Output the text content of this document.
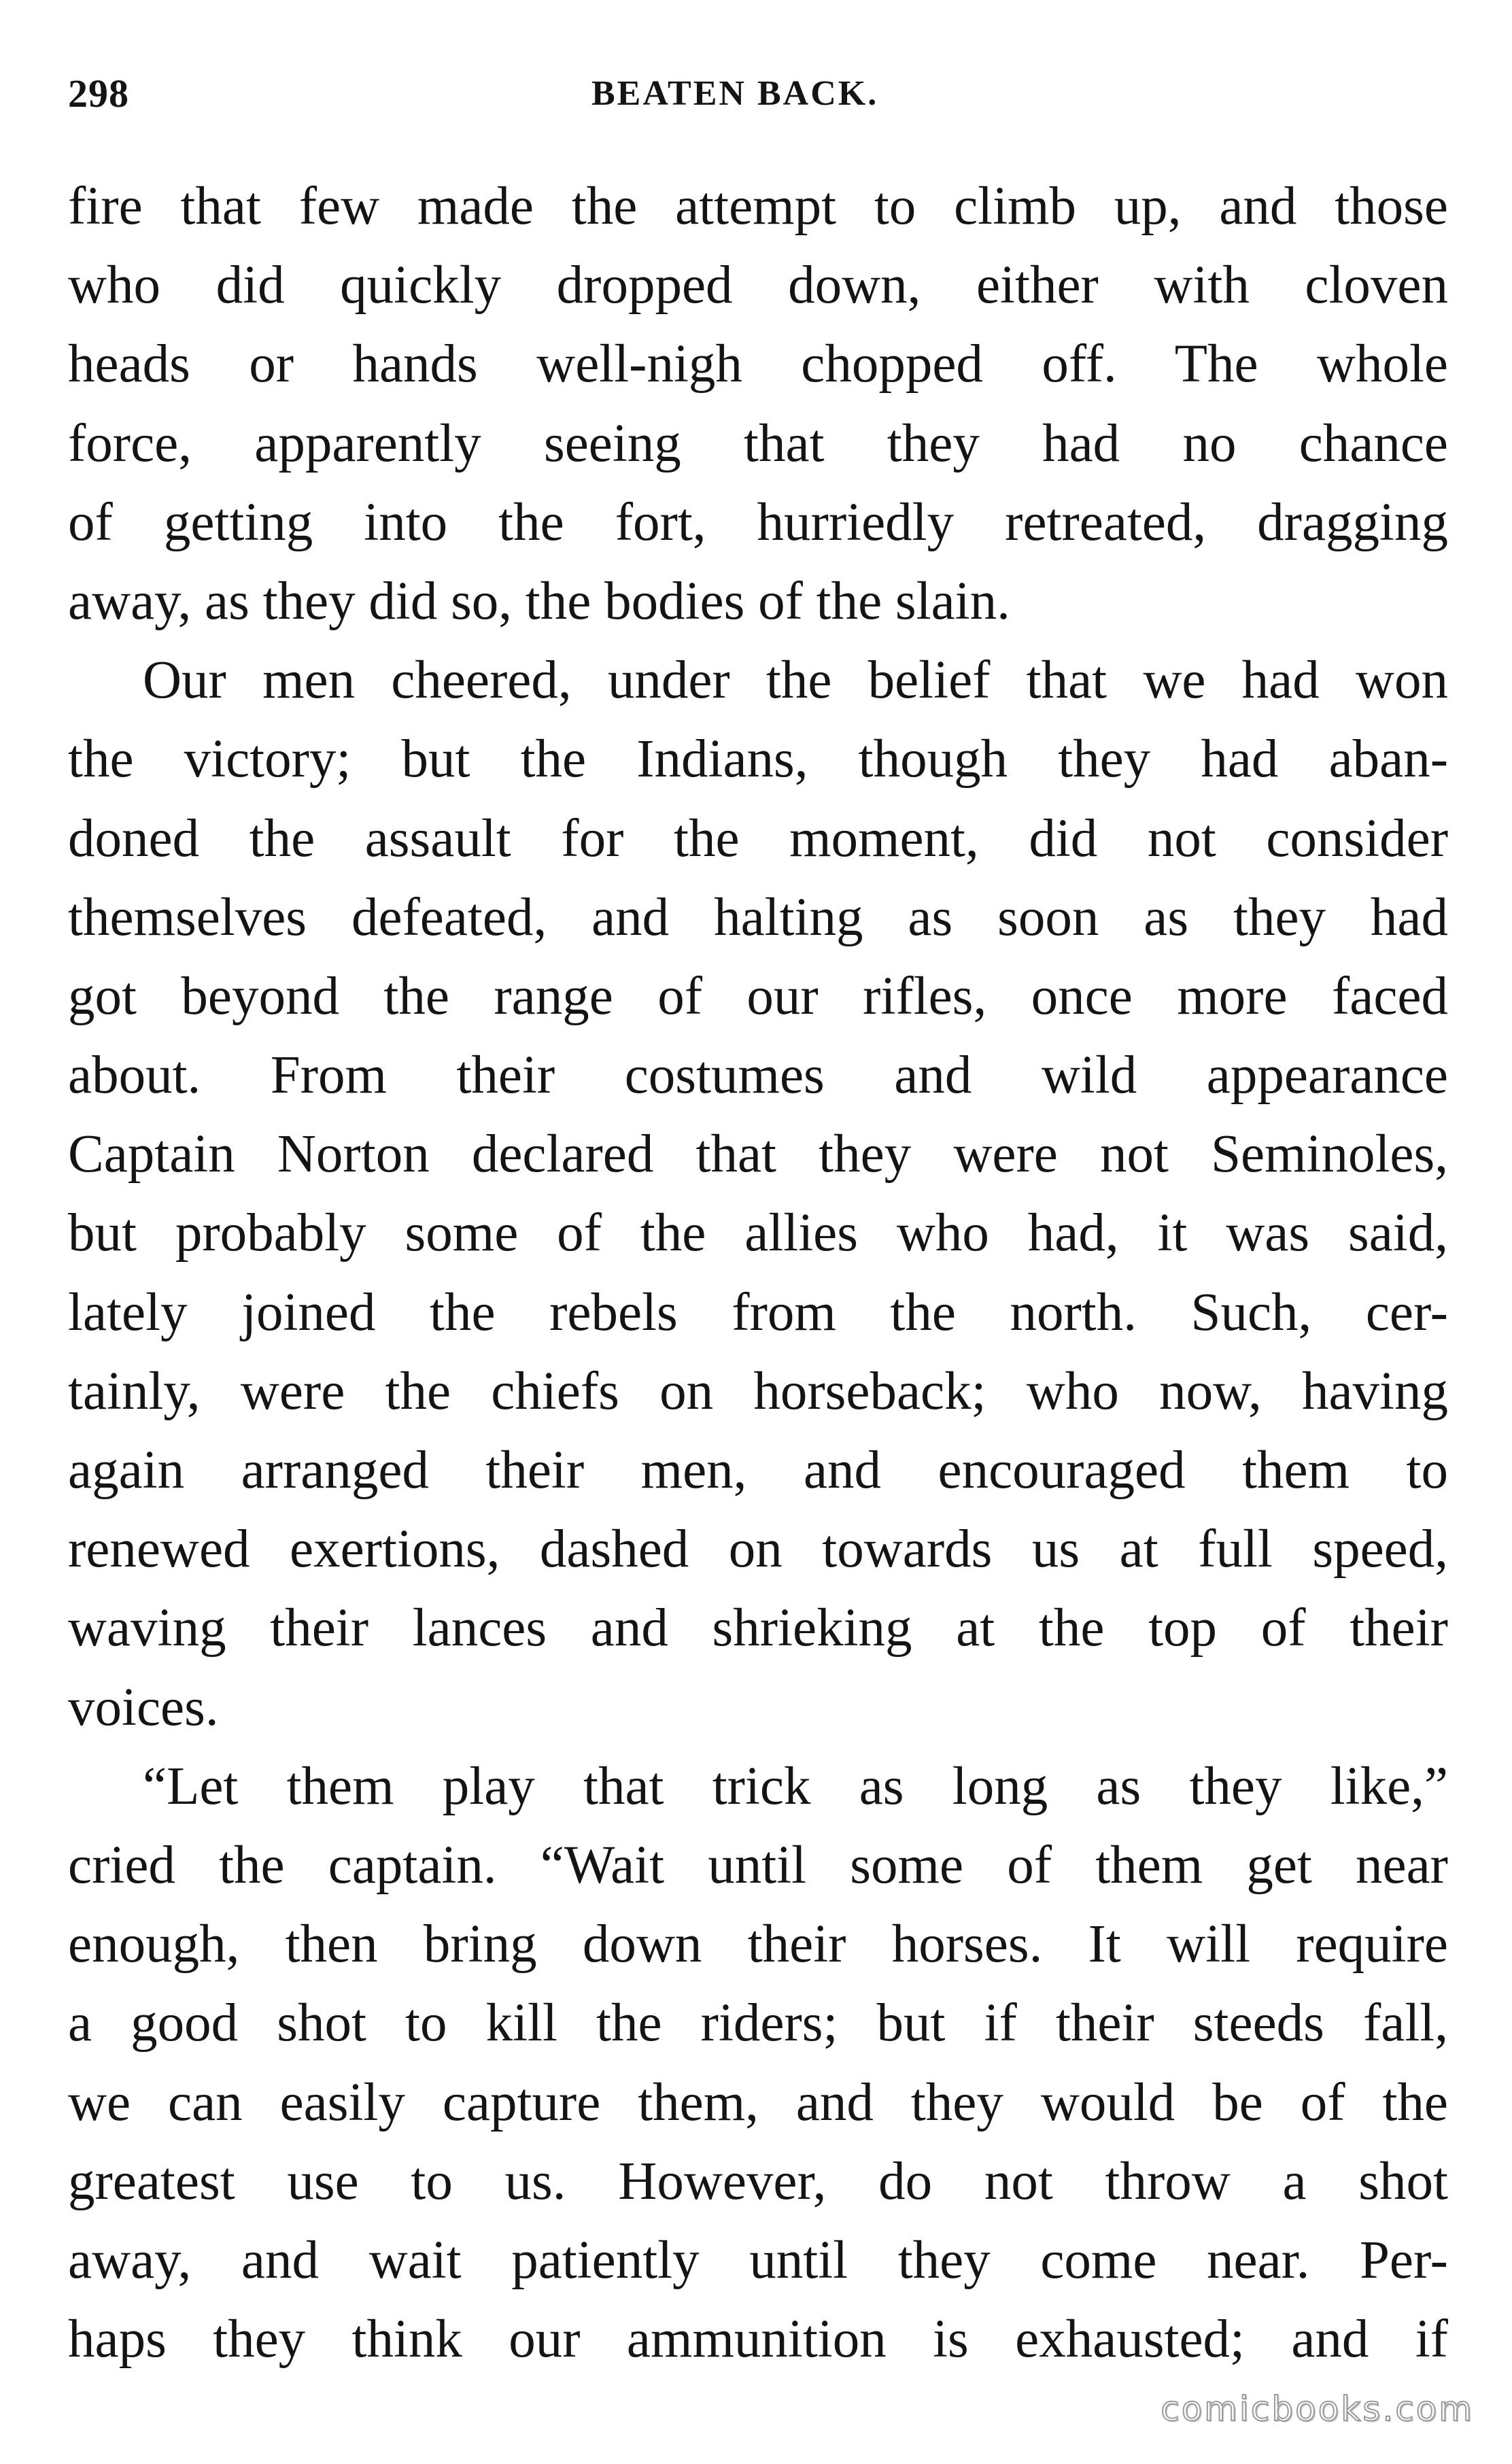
298	BEATEN BACK.
fire that few made the attempt to climb up, and those
who did quickly dropped down, either with cloven
heads or hands well-nigh chopped off. The whole
force, apparently seeing that they had no chance
of getting into the fort, hurriedly retreated, dragging
away, as they did so, the bodies of the slain.
Our men cheered, under the belief that we had won
the victory; but the Indians, though they had aban-
doned the assault for the moment, did not consider
themselves defeated, and halting as soon as they had
got beyond the range of our rifles, once more faced
about. From their costumes and wild appearance
Captain Norton declared that they were not Seminoles,
but probably some of the allies who had, it was said,
lately joined the rebels from the north. Such, cer-
tainly, were the chiefs on horseback; who now, having
again arranged their men, and encouraged them to
renewed exertions, dashed on towards us at full speed,
waving their lances and shrieking at the top of their
voices.
“Let them play that trick as long as they like,”
cried the captain. “Wait until some of them get near
enough, then bring down their horses. It will require
a good shot to kill the riders; but if their steeds fall,
we can easily capture them, and they would be of the
greatest use to us. However, do not throw a shot
away, and wait patiently until they come near. Per-
haps they think our ammunition is exhausted; and if
comicbooks.com
